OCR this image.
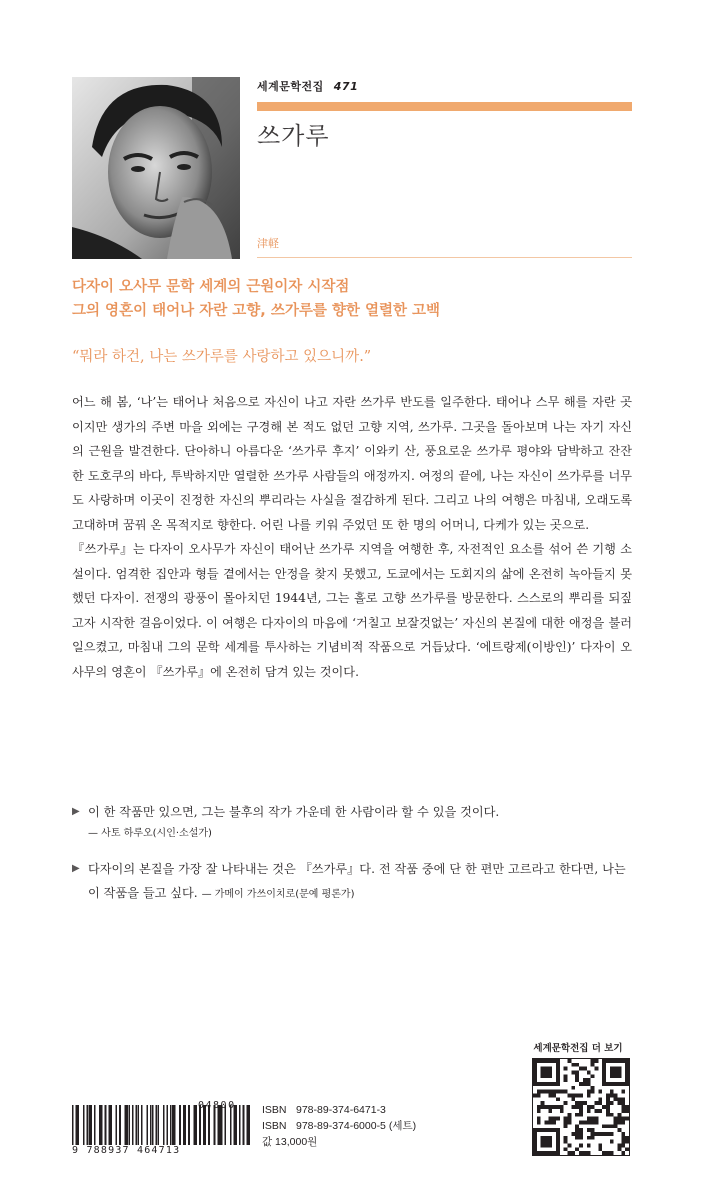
세계문학전집 471
쓰가루
津軽
다자이 오사무 문학 세계의 근원이자 시작점
그의 영혼이 태어나 자란 고향, 쓰가루를 향한 열렬한 고백
“뭐라 하건, 나는 쓰가루를 사랑하고 있으니까.”

어느 해 봄, ‘나’는 태어나 처음으로 자신이 나고 자란 쓰가루 반도를 일주한다. 태어나 스무 해를 자란 곳이지만 생가의 주변 마을 외에는 구경해 본 적도 없던 고향 지역, 쓰가루. 그곳을 돌아보며 나는 자기 자신의 근원을 발견한다. 단아하니 아름다운 ‘쓰가루 후지’ 이와키 산, 풍요로운 쓰가루 평야와 담박하고 잔잔한 도호쿠의 바다, 투박하지만 열렬한 쓰가루 사람들의 애정까지. 여정의 끝에, 나는 자신이 쓰가루를 너무도 사랑하며 이곳이 진정한 자신의 뿌리라는 사실을 절감하게 된다. 그리고 나의 여행은 마침내, 오래도록 고대하며 꿈꿔 온 목적지로 향한다. 어린 나를 키워 주었던 또 한 명의 어머니, 다케가 있는 곳으로.

『쓰가루』는 다자이 오사무가 자신이 태어난 쓰가루 지역을 여행한 후, 자전적인 요소를 섞어 쓴 기행 소설이다. 엄격한 집안과 형들 곁에서는 안정을 찾지 못했고, 도쿄에서는 도회지의 삶에 온전히 녹아들지 못했던 다자이. 전쟁의 광풍이 몰아치던 1944년, 그는 홀로 고향 쓰가루를 방문한다. 스스로의 뿌리를 되짚고자 시작한 걸음이었다. 이 여행은 다자이의 마음에 ‘거칠고 보잘것없는’ 자신의 본질에 대한 애정을 불러일으켰고, 마침내 그의 문학 세계를 투사하는 기념비적 작품으로 거듭났다. ‘에트랑제(이방인)’ 다자이 오사무의 영혼이 『쓰가루』에 온전히 담겨 있는 것이다.

▶ 이 한 작품만 있으면, 그는 불후의 작가 가운데 한 사람이라 할 수 있을 것이다.
— 사토 하루오(시인·소설가)
▶ 다자이의 본질을 가장 잘 나타내는 것은 『쓰가루』다. 전 작품 중에 단 한 편만 고르라고 한다면, 나는 이 작품을 들고 싶다. — 가메이 가쓰이치로(문예 평론가)
세계문학전집 더 보기
9 788937 464713
04800	ISBN 978-89-374-6471-3
ISBN 978-89-374-6000-5 (세트)
값 13,000원
